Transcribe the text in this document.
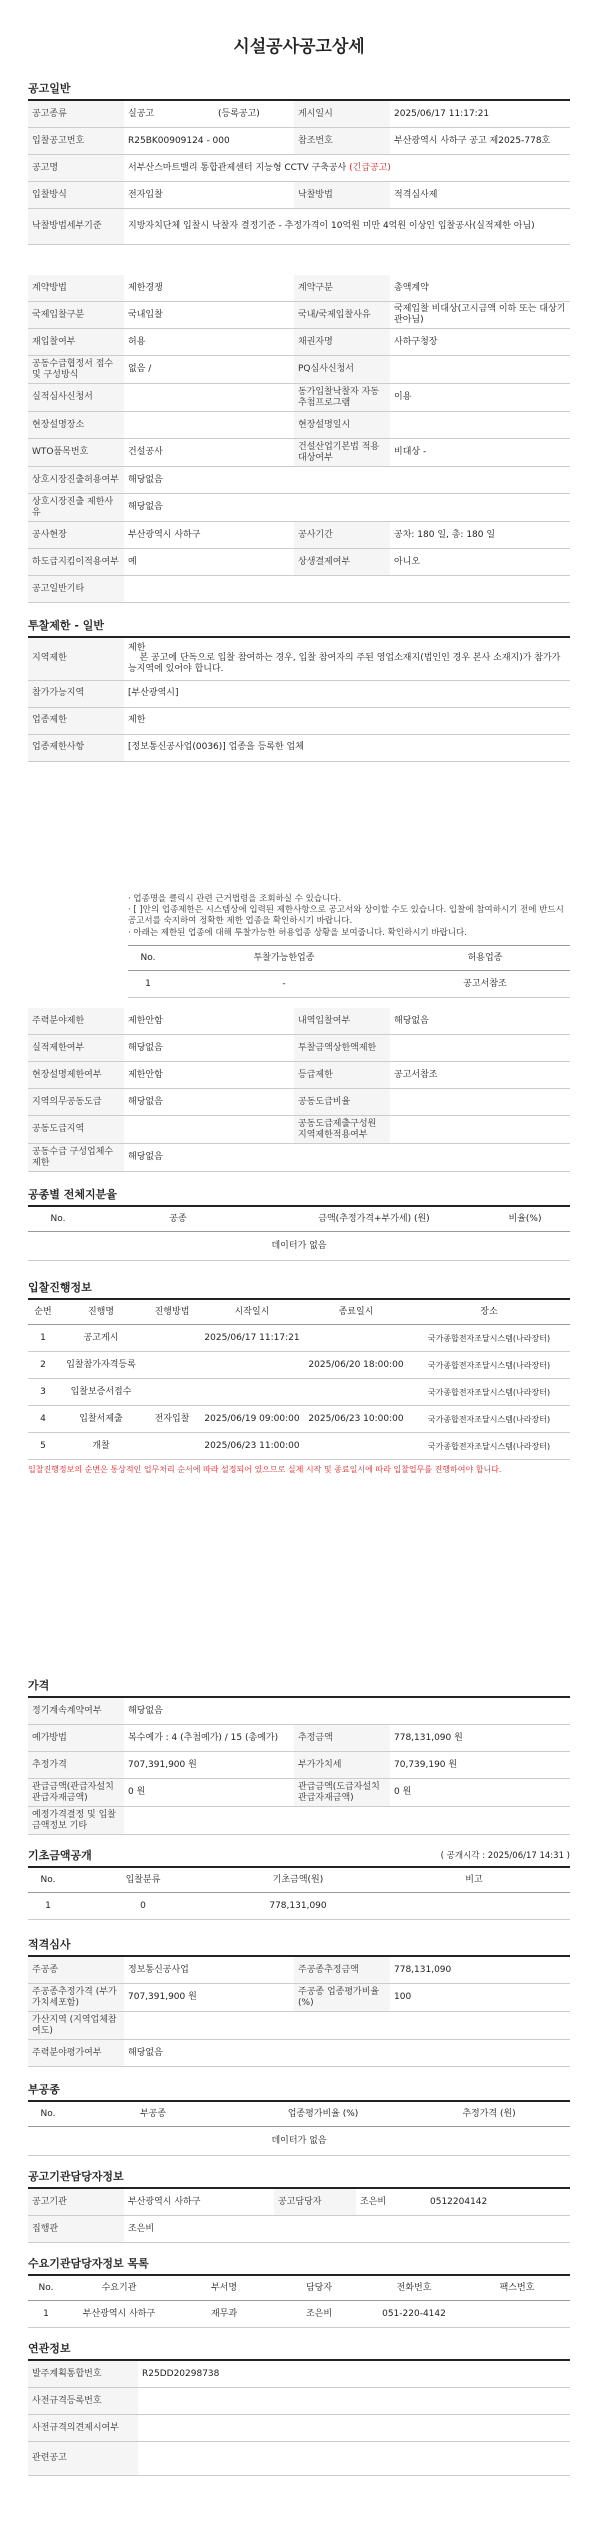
시설공사공고상세
공고일반
공고종류	실공고	(등록공고)	게시일시	2025/06/17 11:17:21
입찰공고번호	R25BK00909124 - 000		참조번호	부산광역시 사하구 공고 제2025-778호
공고명	서부산스마트밸리 통합관제센터 지능형 CCTV 구축공사 (긴급공고)			
입찰방식	전자입찰		낙찰방법	적격심사제
낙찰방법세부기준	지방자치단체 입찰시 낙찰자 결정기준 - 추정가격이 10억원 미만 4억원 이상인 입찰공사(실적제한 아님)			
계약방법	제한경쟁	계약구분	총액계약
국제입찰구분	국내입찰	국내/국제입찰사유	국제입찰 비대상(고시금액 이하 또는 대상기관아님)
재입찰여부	허용	채권자명	사하구청장
공동수급협정서 접수 및 구성방식	없음 /	PQ심사신청서	
실적심사신청서		동가입찰낙찰자 자동추첨프로그램	이용
현장설명장소		현장설명일시	
WTO품목번호	건설공사	건설산업기본법 적용대상여부	비대상 -
상호시장진출허용여부	해당없음		
상호시장진출 제한사유	해당없음		
공사현장	부산광역시 사하구	공사기간	공차: 180 일, 총: 180 일
하도급지킴이적용여부	예	상생결제여부	아니오
공고일반기타			
투찰제한 - 일반
지역제한	제한
본 공고에 단독으로 입찰 참여하는 경우, 입찰 참여자의 주된 영업소재지(법인인 경우 본사 소재지)가 참가가능지역에 있어야 합니다.
참가가능지역	[부산광역시]
업종제한	제한
업종제한사항	[정보통신공사업(0036)] 업종을 등록한 업체
· 업종명을 클릭시 관련 근거법령을 조회하실 수 있습니다.
· [ ]안의 업종제한은 시스템상에 입력된 제한사항으로 공고서와 상이할 수도 있습니다. 입찰에 참여하시기 전에 반드시 공고서를 숙지하여 정확한 제한 업종을 확인하시기 바랍니다.
· 아래는 제한된 업종에 대해 투찰가능한 허용업종 상황을 보여줍니다. 확인하시기 바랍니다.
No.	투찰가능한업종	허용업종
1	-	공고서참조
주력분야제한	제한안함	내역입찰여부	해당없음
실적제한여부	해당없음	투찰금액상한액제한	
현장설명제한여부	제한안함	등급제한	공고서참조
지역의무공동도급	해당없음	공동도급비율	
공동도급지역		공동도급제출구성원 지역제한적용여부	
공동수급 구성업체수제한	해당없음		
공종별 전체지분율
No.	공종	금액(추정가격+부가세) (원)	비율(%)
데이터가 없음
입찰진행정보
순번	진행명	진행방법	시작일시	종료일시	장소
1	공고게시		2025/06/17 11:17:21		국가종합전자조달시스템(나라장터)
2	입찰참가자격등록			2025/06/20 18:00:00	국가종합전자조달시스템(나라장터)
3	입찰보증서접수				국가종합전자조달시스템(나라장터)
4	입찰서제출	전자입찰	2025/06/19 09:00:00	2025/06/23 10:00:00	국가종합전자조달시스템(나라장터)
5	개찰		2025/06/23 11:00:00		국가종합전자조달시스템(나라장터)
입찰진행정보의 순번은 통상적인 업무처리 순서에 따라 설정되어 있으므로 실제 시작 및 종료일시에 따라 입찰업무를 진행하여야 합니다.
가격
정기계속계약여부	해당없음		
예가방법	복수예가 : 4 (추첨예가) / 15 (총예가)	추정금액	778,131,090 원
추정가격	707,391,900 원	부가가치세	70,739,190 원
관급금액(관급자설치 관급자재금액)	0 원	관급금액(도급자설치 관급자재금액)	0 원
예정가격결정 및 입찰금액정보 기타			
기초금액공개	( 공개시각 : 2025/06/17 14:31 )
No.	입찰분류	기초금액(원)	비고
1	0	778,131,090	
적격심사
주공종	정보통신공사업	주공종추정금액	778,131,090
주공종추정가격 (부가가치세포함)	707,391,900 원	주공종 업종평가비율(%)	100
가산지역 (지역업체참여도)			
주력분야평가여부	해당없음		
부공종
No.	부공종	업종평가비율 (%)	추정가격 (원)
데이터가 없음
공고기관담당자정보
공고기관	부산광역시 사하구	공고담당자	조은비	0512204142
집행관	조은비			
수요기관담당자정보 목록
No.	수요기관	부서명	담당자	전화번호	팩스번호
1	부산광역시 사하구	재무과	조은비	051-220-4142	
연관정보
발주계획통합번호	R25DD20298738
사전규격등록번호	
사전규격의견제시여부	
관련공고	
